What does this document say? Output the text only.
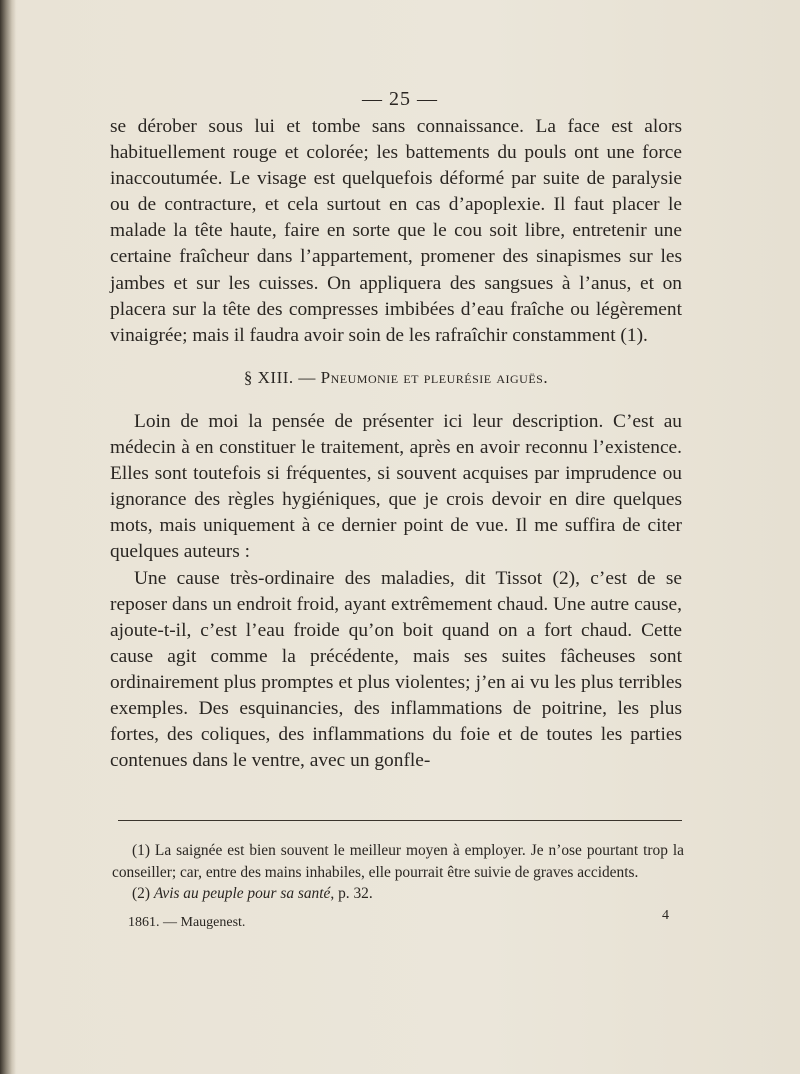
— 25 —

se dérober sous lui et tombe sans connaissance. La face est alors habituellement rouge et colorée; les battements du pouls ont une force inaccoutumée. Le visage est quelquefois déformé par suite de paralysie ou de contracture, et cela surtout en cas d’apoplexie. Il faut placer le malade la tête haute, faire en sorte que le cou soit libre, entretenir une certaine fraîcheur dans l’appartement, promener des sinapismes sur les jambes et sur les cuisses. On appliquera des sangsues à l’anus, et on placera sur la tête des compresses imbibées d’eau fraîche ou légèrement vinaigrée; mais il faudra avoir soin de les rafraîchir constamment (1).

§ XIII. — Pneumonie et pleurésie aiguës.

Loin de moi la pensée de présenter ici leur description. C’est au médecin à en constituer le traitement, après en avoir reconnu l’existence. Elles sont toutefois si fréquentes, si souvent acquises par imprudence ou ignorance des règles hygiéniques, que je crois devoir en dire quelques mots, mais uniquement à ce dernier point de vue. Il me suffira de citer quelques auteurs :

Une cause très-ordinaire des maladies, dit Tissot (2), c’est de se reposer dans un endroit froid, ayant extrêmement chaud. Une autre cause, ajoute-t-il, c’est l’eau froide qu’on boit quand on a fort chaud. Cette cause agit comme la précédente, mais ses suites fâcheuses sont ordinairement plus promptes et plus violentes; j’en ai vu les plus terribles exemples. Des esquinancies, des inflammations de poitrine, les plus fortes, des coliques, des inflammations du foie et de toutes les parties contenues dans le ventre, avec un gonfle-

(1) La saignée est bien souvent le meilleur moyen à employer. Je n’ose pourtant trop la conseiller; car, entre des mains inhabiles, elle pourrait être suivie de graves accidents.

(2) Avis au peuple pour sa santé, p. 32.

1861. — Maugenest.	4
